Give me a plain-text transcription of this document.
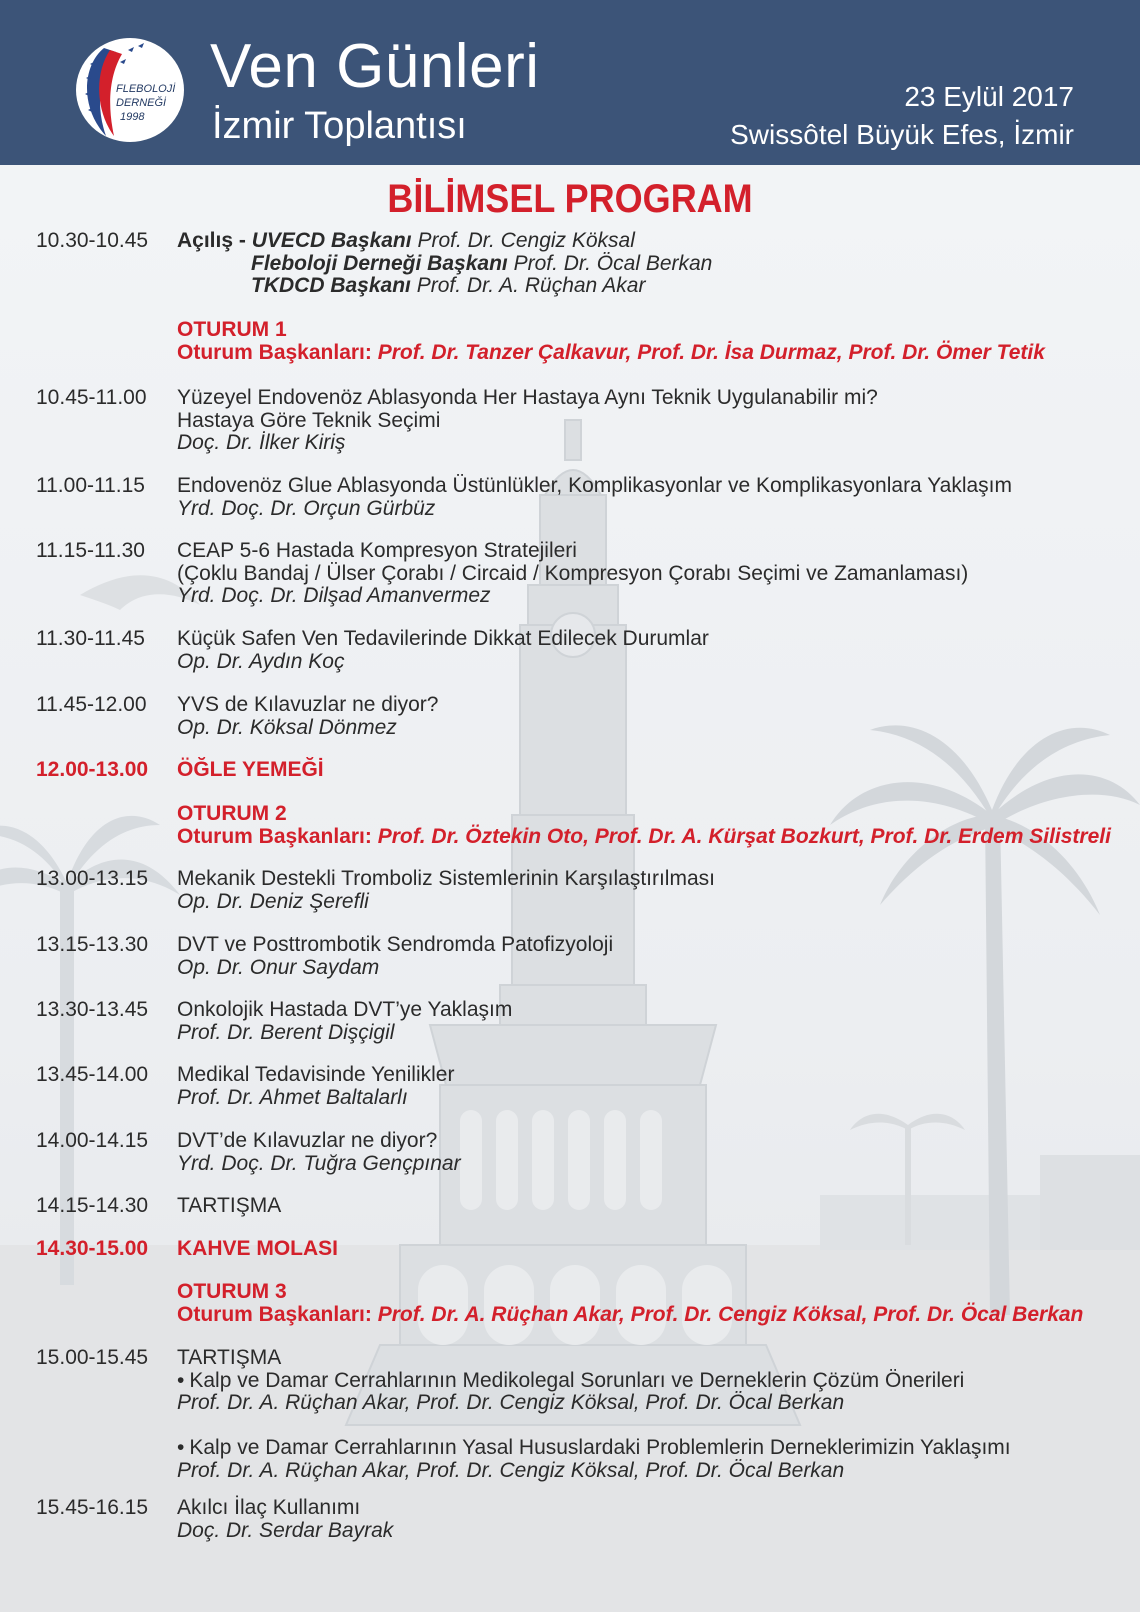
FLEBOLOJİ
DERNEĞİ
1998
Ven Günleri
İzmir Toplantısı
23 Eylül 2017
Swissôtel Büyük Efes, İzmir
BİLİMSEL PROGRAM
10.30-10.45 Açılış - UVECD Başkanı Prof. Dr. Cengiz Köksal
Fleboloji Derneği Başkanı Prof. Dr. Öcal Berkan
TKDCD Başkanı Prof. Dr. A. Rüçhan Akar
OTURUM 1
Oturum Başkanları: Prof. Dr. Tanzer Çalkavur, Prof. Dr. İsa Durmaz, Prof. Dr. Ömer Tetik
10.45-11.00 Yüzeyel Endovenöz Ablasyonda Her Hastaya Aynı Teknik Uygulanabilir mi?
Hastaya Göre Teknik Seçimi
Doç. Dr. İlker Kiriş
11.00-11.15 Endovenöz Glue Ablasyonda Üstünlükler, Komplikasyonlar ve Komplikasyonlara Yaklaşım
Yrd. Doç. Dr. Orçun Gürbüz
11.15-11.30 CEAP 5-6 Hastada Kompresyon Stratejileri
(Çoklu Bandaj / Ülser Çorabı / Circaid / Kompresyon Çorabı Seçimi ve Zamanlaması)
Yrd. Doç. Dr. Dilşad Amanvermez
11.30-11.45 Küçük Safen Ven Tedavilerinde Dikkat Edilecek Durumlar
Op. Dr. Aydın Koç
11.45-12.00 YVS de Kılavuzlar ne diyor?
Op. Dr. Köksal Dönmez
12.00-13.00 ÖĞLE YEMEĞİ
OTURUM 2
Oturum Başkanları: Prof. Dr. Öztekin Oto, Prof. Dr. A. Kürşat Bozkurt, Prof. Dr. Erdem Silistreli
13.00-13.15 Mekanik Destekli Tromboliz Sistemlerinin Karşılaştırılması
Op. Dr. Deniz Şerefli
13.15-13.30 DVT ve Posttrombotik Sendromda Patofizyoloji
Op. Dr. Onur Saydam
13.30-13.45 Onkolojik Hastada DVT’ye Yaklaşım
Prof. Dr. Berent Dişçigil
13.45-14.00 Medikal Tedavisinde Yenilikler
Prof. Dr. Ahmet Baltalarlı
14.00-14.15 DVT’de Kılavuzlar ne diyor?
Yrd. Doç. Dr. Tuğra Gençpınar
14.15-14.30 TARTIŞMA
14.30-15.00 KAHVE MOLASI
OTURUM 3
Oturum Başkanları: Prof. Dr. A. Rüçhan Akar, Prof. Dr. Cengiz Köksal, Prof. Dr. Öcal Berkan
15.00-15.45 TARTIŞMA
• Kalp ve Damar Cerrahlarının Medikolegal Sorunları ve Derneklerin Çözüm Önerileri
Prof. Dr. A. Rüçhan Akar, Prof. Dr. Cengiz Köksal, Prof. Dr. Öcal Berkan
• Kalp ve Damar Cerrahlarının Yasal Hususlardaki Problemlerin Derneklerimizin Yaklaşımı
Prof. Dr. A. Rüçhan Akar, Prof. Dr. Cengiz Köksal, Prof. Dr. Öcal Berkan
15.45-16.15 Akılcı İlaç Kullanımı
Doç. Dr. Serdar Bayrak
